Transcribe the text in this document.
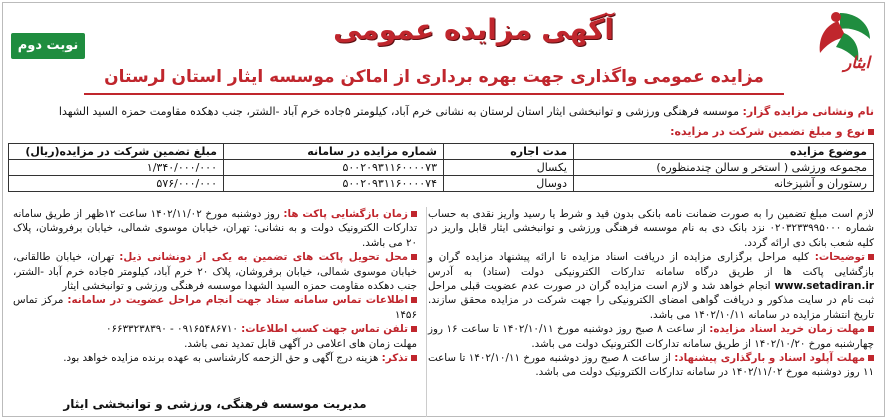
ایثار
آگهی مزایده عمومی
نوبت دوم
مزایده عمومی واگذاری جهت بهره برداری از اماکن موسسه ایثار استان لرستان
نام ونشانی مزایده گزار: موسسه فرهنگی ورزشی و توانبخشی ایثار استان لرستان به نشانی خرم آباد، کیلومتر ۵جاده خرم آباد -الشتر، جنب دهکده مقاومت حمزه السید الشهدا
نوع و مبلغ تضمین شرکت در مزایده:
موضوع مزایده	مدت اجاره	شماره مزایده در سامانه	مبلغ تضمین شرکت در مزایده(ریال)
مجموعه ورزشی ( استخر و سالن چندمنظوره)	یکسال	۵۰۰۲۰۹۳۱۱۶۰۰۰۰۷۳	۱/۳۴۰/۰۰۰/۰۰۰
رستوران و آشپزخانه	دوسال	۵۰۰۲۰۹۳۱۱۶۰۰۰۰۷۴	۵۷۶/۰۰۰/۰۰۰

لازم است مبلغ تضمین را به صورت ضمانت نامه بانکی بدون قید و شرط یا رسید واریز نقدی به حساب شماره ۰۲۰۳۲۳۳۹۹۵۰۰۰ نزد بانک دی به نام موسسه فرهنگی ورزشی و توانبخشی ایثار قابل واریز در کلیه شعب بانک دی ارائه گردد.

توضیحات: کلیه مراحل برگزاری مزایده از دریافت اسناد مزایده تا ارائه پیشنهاد مزایده گران و بازگشایی پاکت ها از طریق درگاه سامانه تدارکات الکترونیکی دولت (ستاد) به آدرس www.setadiran.ir انجام خواهد شد و لازم است مزایده گران در صورت عدم عضویت قبلی مراحل ثبت نام در سایت مذکور و دریافت گواهی امضای الکترونیکی را جهت شرکت در مزایده محقق سازند. تاریخ انتشار مزایده در سامانه ۱۴۰۲/۱۰/۱۱ می باشد.

مهلت زمان خرید اسناد مزایده: از ساعت ۸ صبح روز دوشنبه مورخ ۱۴۰۲/۱۰/۱۱ تا ساعت ۱۶ روز چهارشنبه مورخ ۱۴۰۲/۱۰/۲۰ از طریق سامانه تدارکات الکترونیک دولت می باشد.

مهلت آپلود اسناد و بارگذاری پیشنهاد: از ساعت ۸ صبح روز دوشنبه مورخ ۱۴۰۲/۱۰/۱۱ تا ساعت ۱۱ روز دوشنبه مورخ ۱۴۰۲/۱۱/۰۲ در سامانه تدارکات الکترونیک دولت می باشد.

زمان بازگشایی پاکت ها: روز دوشنبه مورخ ۱۴۰۲/۱۱/۰۲ ساعت ۱۲ظهر از طریق سامانه تدارکات الکترونیک دولت و به نشانی: تهران، خیابان موسوی شمالی، خیابان برفروشان، پلاک ۲۰ می باشد.

محل تحویل پاکت های تضمین به یکی از دونشانی ذیل: تهران، خیابان طالقانی، خیابان موسوی شمالی، خیابان برفروشان، پلاک ۲۰ خرم آباد، کیلومتر ۵جاده خرم آباد -الشتر، جنب دهکده مقاومت حمزه السید الشهدا موسسه فرهنگی ورزشی و توانبخشی ایثار

اطلاعات تماس سامانه ستاد جهت انجام مراحل عضویت در سامانه: مرکز تماس ۱۴۵۶

تلفن تماس جهت کسب اطلاعات: ۰۹۱۶۵۴۸۶۷۱۰ - ۰۶۶۳۳۲۳۸۳۹۰

مهلت زمان های اعلامی در آگهی قابل تمدید نمی باشد.

تذکر: هزینه درج آگهی و حق الزحمه کارشناسی به عهده برنده مزایده خواهد بود.

مدیریت موسسه فرهنگی، ورزشی و توانبخشی ایثار
